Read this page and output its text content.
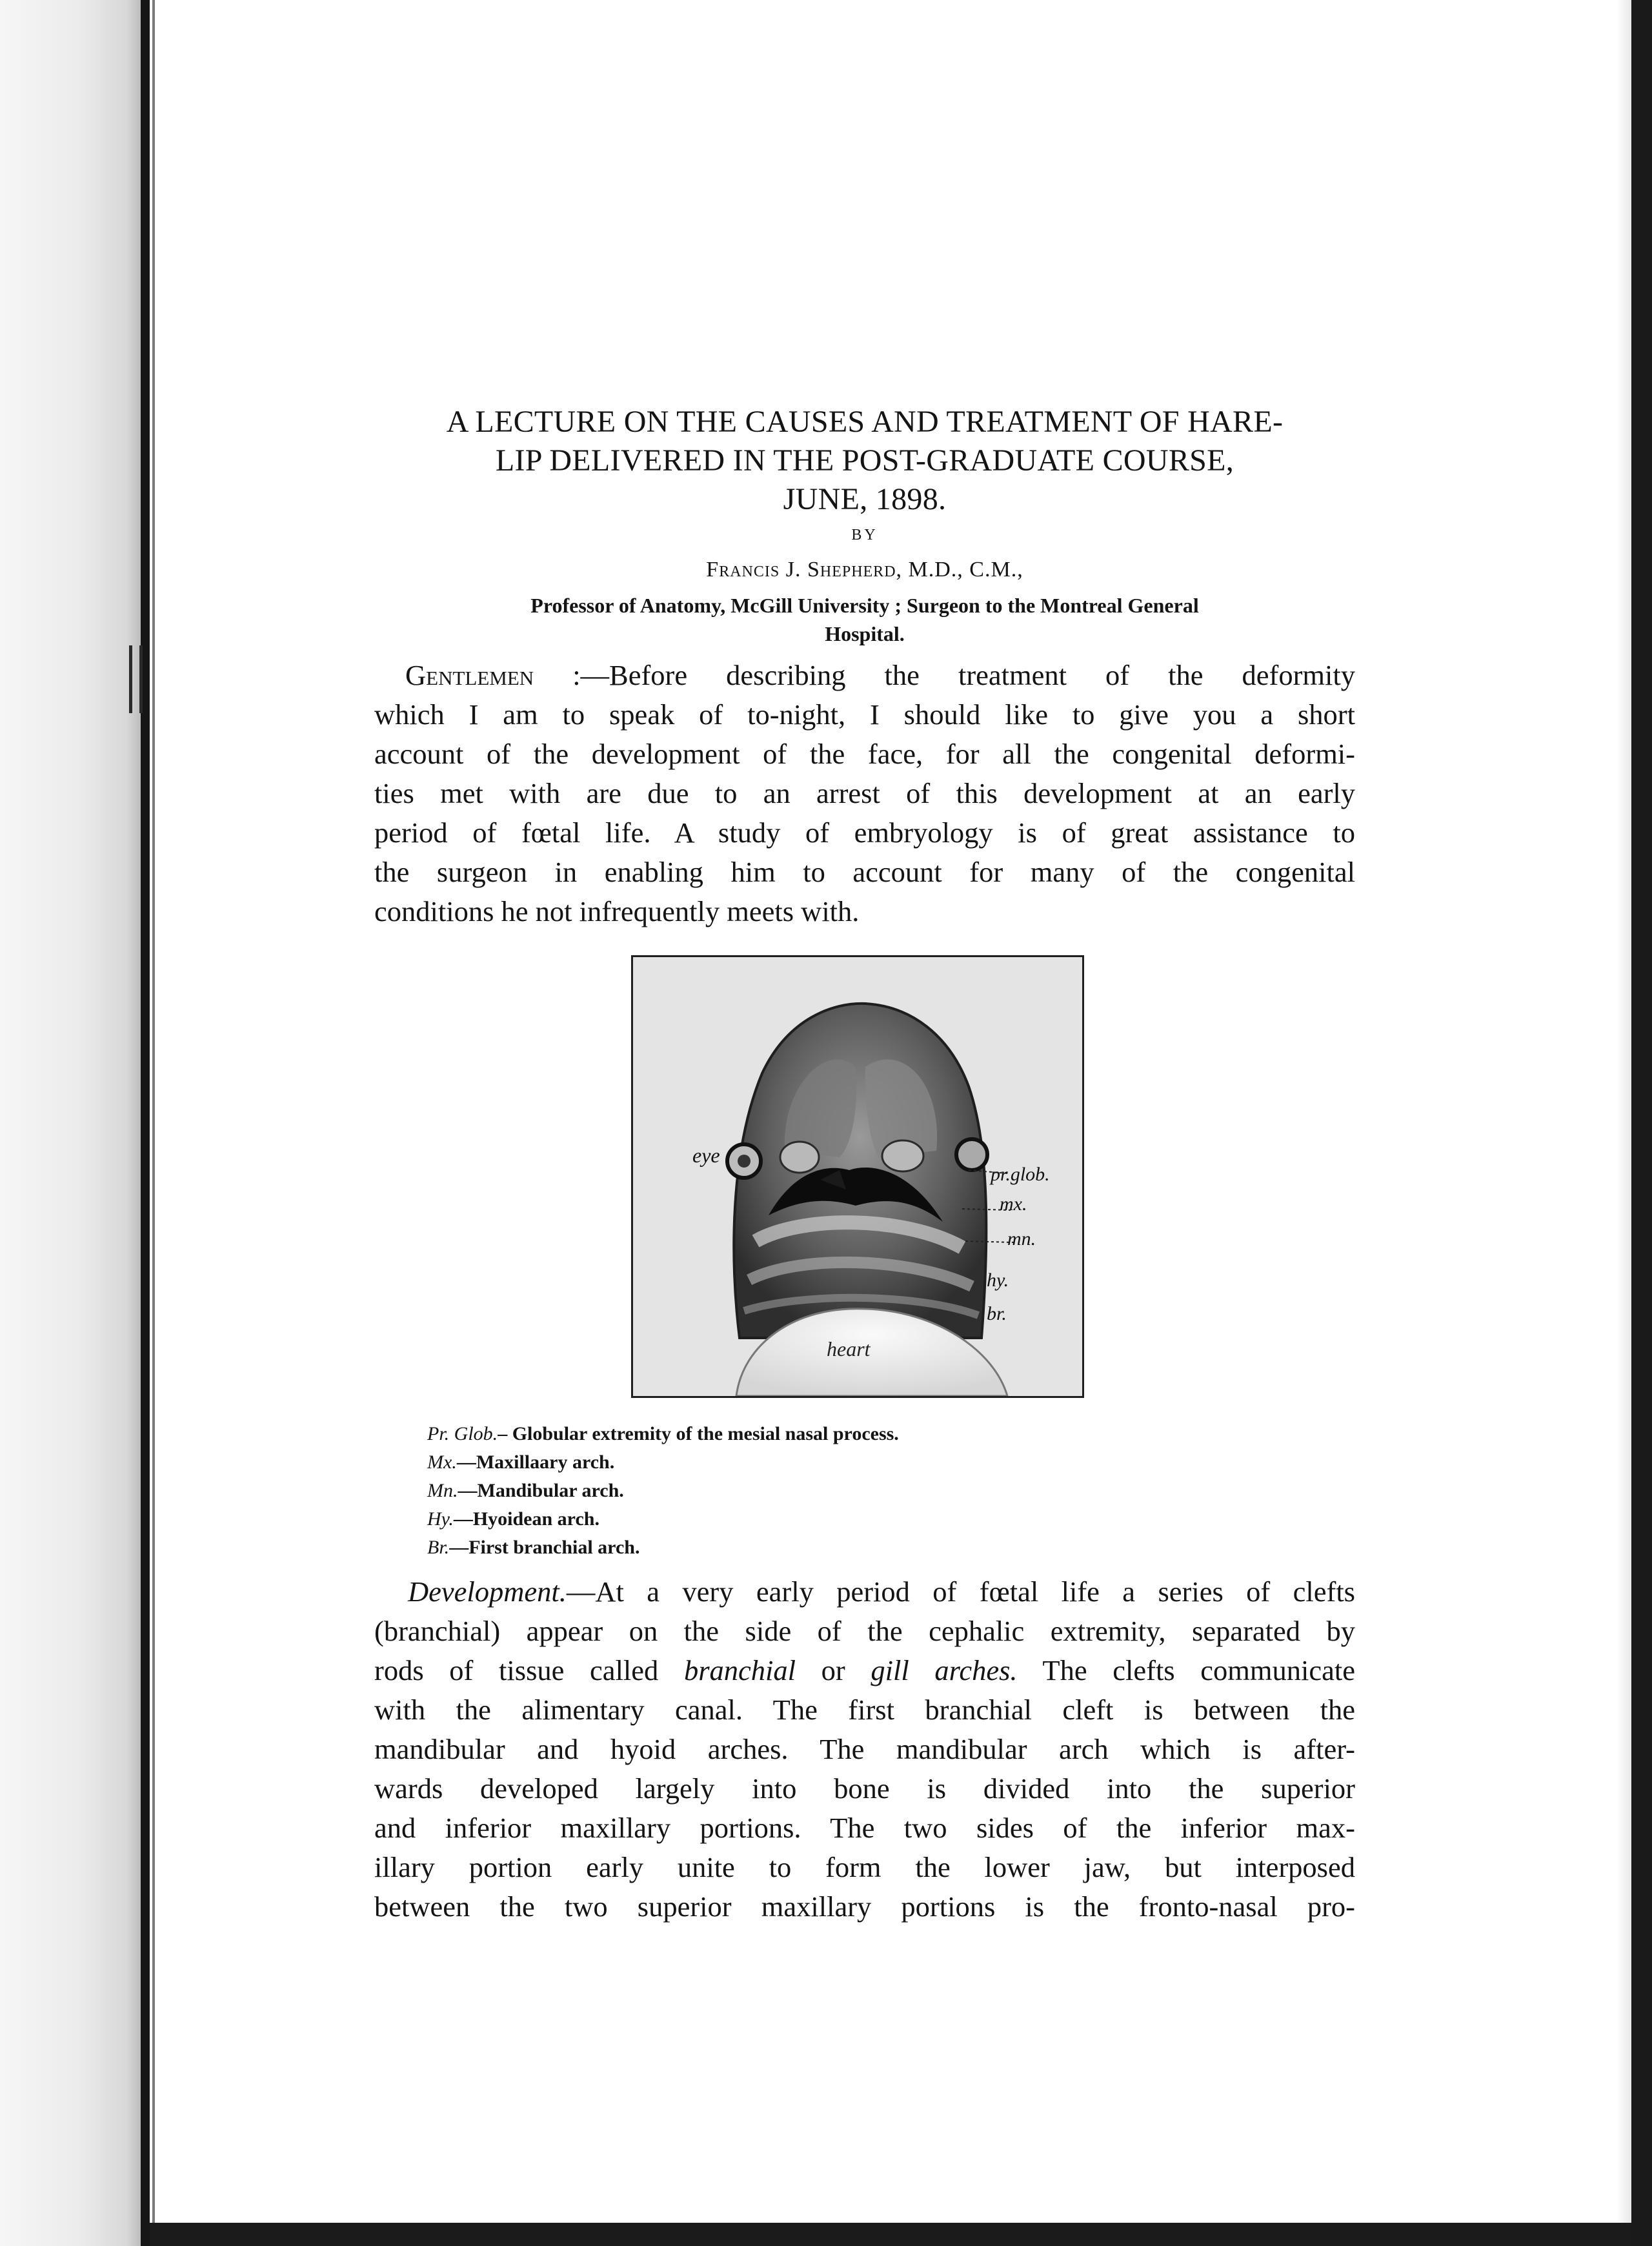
A LECTURE ON THE CAUSES AND TREATMENT OF HARE-
LIP DELIVERED IN THE POST-GRADUATE COURSE,
JUNE, 1898.
BY
Francis J. Shepherd, M.D., C.M.,
Professor of Anatomy, McGill University ; Surgeon to the Montreal General
Hospital.

Gentlemen :—Before describing the treatment of the deformity
which I am to speak of to-night, I should like to give you a short
account of the development of the face, for all the congenital deformi-
ties met with are due to an arrest of this development at an early
period of fœtal life. A study of embryology is of great assistance to
the surgeon in enabling him to account for many of the congenital
conditions he not infrequently meets with.

eye
pr.glob.
mx.
mn.
hy.
br.
heart
Pr. Glob.– Globular extremity of the mesial nasal process.
Mx.—Maxillaary arch.
Mn.—Mandibular arch.
Hy.—Hyoidean arch.
Br.—First branchial arch.

Development.—At a very early period of fœtal life a series of clefts
(branchial) appear on the side of the cephalic extremity, separated by
rods of tissue called branchial or gill arches. The clefts communicate
with the alimentary canal. The first branchial cleft is between the
mandibular and hyoid arches. The mandibular arch which is after-
wards developed largely into bone is divided into the superior
and inferior maxillary portions. The two sides of the inferior max-
illary portion early unite to form the lower jaw, but interposed
between the two superior maxillary portions is the fronto-nasal pro-
